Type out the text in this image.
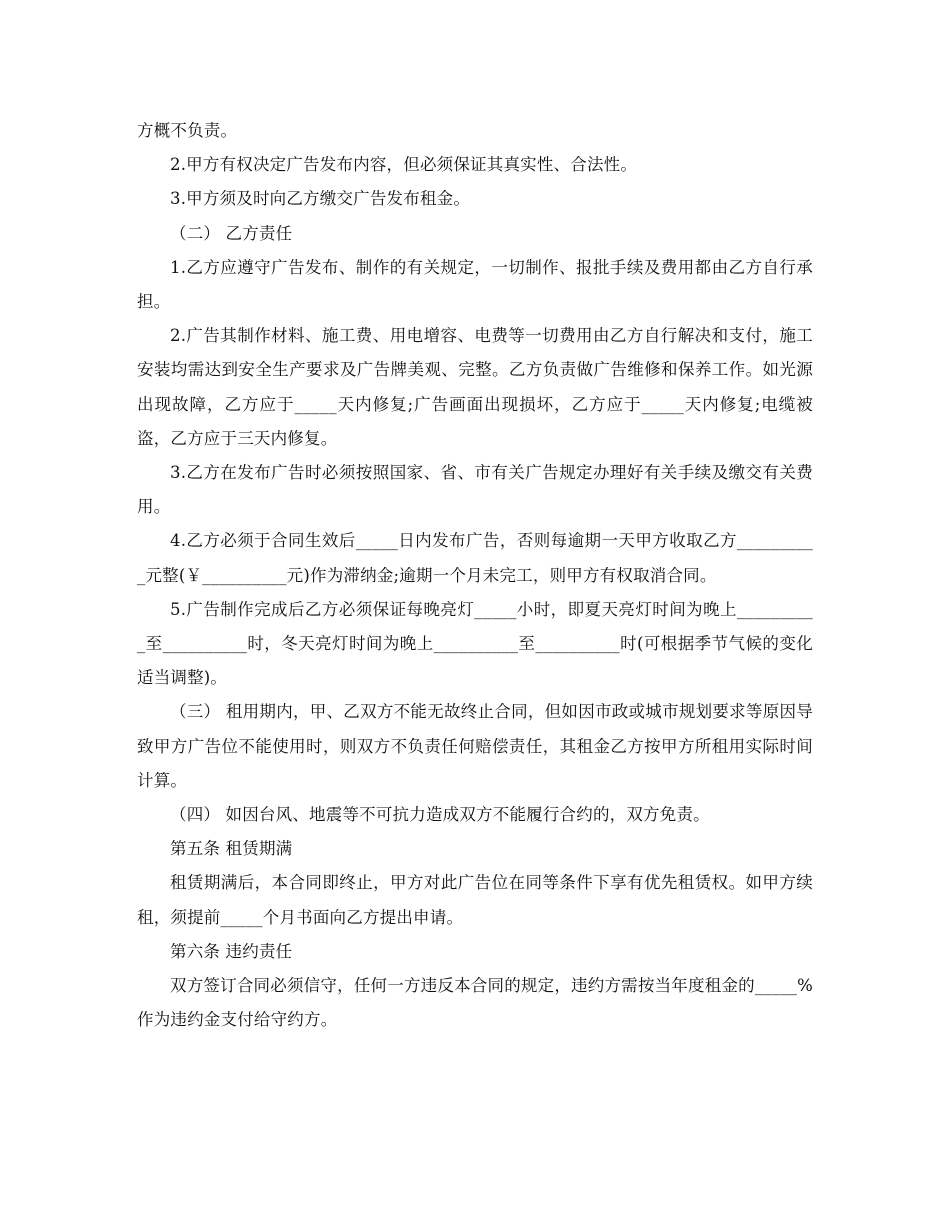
方概不负责。

2.甲方有权决定广告发布内容，但必须保证其真实性、合法性。

3.甲方须及时向乙方缴交广告发布租金。

（二） 乙方责任

1.乙方应遵守广告发布、制作的有关规定，一切制作、报批手续及费用都由乙方自行承担。

2.广告其制作材料、施工费、用电增容、电费等一切费用由乙方自行解决和支付，施工安装均需达到安全生产要求及广告牌美观、完整。乙方负责做广告维修和保养工作。如光源出现故障，乙方应于_____天内修复;广告画面出现损坏，乙方应于_____天内修复;电缆被盗，乙方应于三天内修复。

3.乙方在发布广告时必须按照国家、省、市有关广告规定办理好有关手续及缴交有关费用。

4.乙方必须于合同生效后_____日内发布广告，否则每逾期一天甲方收取乙方__________元整(￥__________元)作为滞纳金;逾期一个月未完工，则甲方有权取消合同。

5.广告制作完成后乙方必须保证每晚亮灯_____小时，即夏天亮灯时间为晚上__________至__________时，冬天亮灯时间为晚上__________至__________时(可根据季节气候的变化适当调整)。

（三） 租用期内，甲、乙双方不能无故终止合同，但如因市政或城市规划要求等原因导致甲方广告位不能使用时，则双方不负责任何赔偿责任，其租金乙方按甲方所租用实际时间计算。

（四） 如因台风、地震等不可抗力造成双方不能履行合约的，双方免责。

第五条 租赁期满

租赁期满后，本合同即终止，甲方对此广告位在同等条件下享有优先租赁权。如甲方续租，须提前_____个月书面向乙方提出申请。

第六条 违约责任

双方签订合同必须信守，任何一方违反本合同的规定，违约方需按当年度租金的_____%作为违约金支付给守约方。
